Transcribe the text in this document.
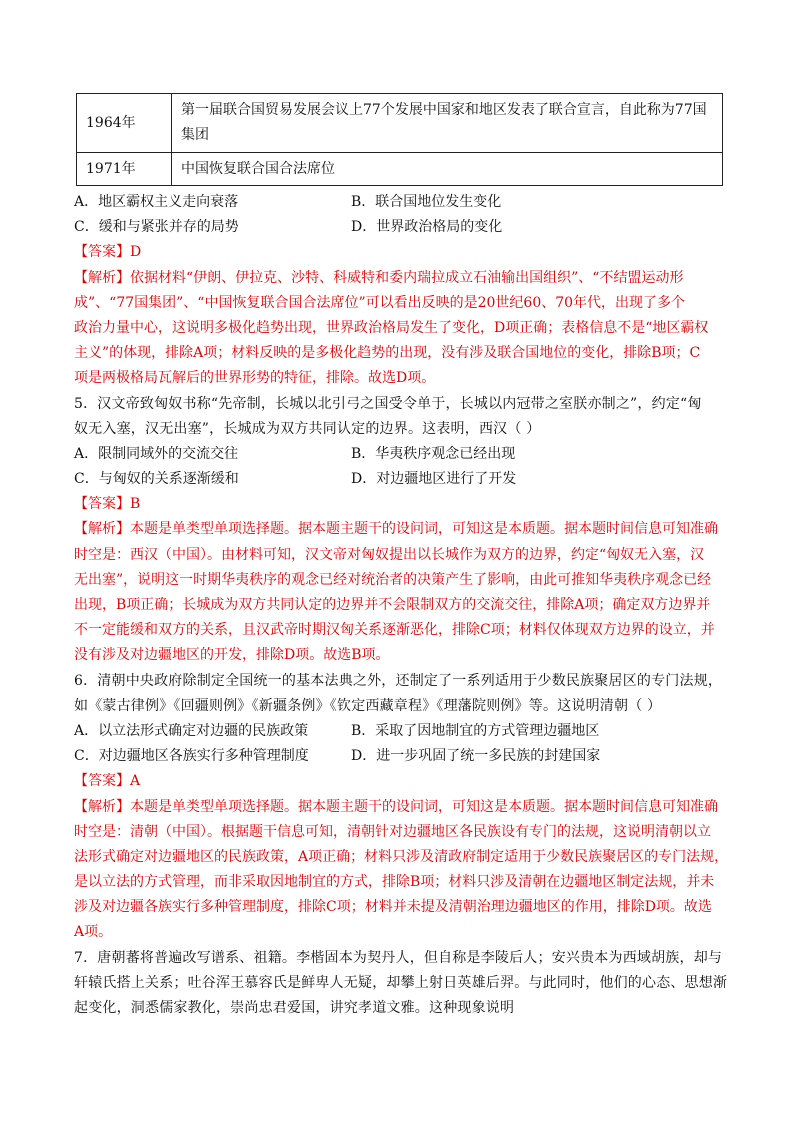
1964年	第一届联合国贸易发展会议上77个发展中国家和地区发表了联合宣言，自此称为77国
集团

1971年	中国恢复联合国合法席位
A．地区霸权主义走向衰落	B．联合国地位发生变化
C．缓和与紧张并存的局势	D．世界政治格局的变化
【答案】D
【解析】依据材料“伊朗、伊拉克、沙特、科威特和委内瑞拉成立石油输出国组织”、“不结盟运动形
成”、“77国集团”、“中国恢复联合国合法席位”可以看出反映的是20世纪60、70年代，出现了多个
政治力量中心，这说明多极化趋势出现，世界政治格局发生了变化，D项正确；表格信息不是“地区霸权
主义”的体现，排除A项；材料反映的是多极化趋势的出现，没有涉及联合国地位的变化，排除B项；C
项是两极格局瓦解后的世界形势的特征，排除。故选D项。
5．汉文帝致匈奴书称“先帝制，长城以北引弓之国受令单于，长城以内冠带之室朕亦制之”，约定“匈
奴无入塞，汉无出塞”，长城成为双方共同认定的边界。这表明，西汉（ ）
A．限制同域外的交流交往	B．华夷秩序观念已经出现
C．与匈奴的关系逐渐缓和	D．对边疆地区进行了开发
【答案】B
【解析】本题是单类型单项选择题。据本题主题干的设问词，可知这是本质题。据本题时间信息可知准确
时空是：西汉（中国）。由材料可知，汉文帝对匈奴提出以长城作为双方的边界，约定“匈奴无入塞，汉
无出塞”，说明这一时期华夷秩序的观念已经对统治者的决策产生了影响，由此可推知华夷秩序观念已经
出现，B项正确；长城成为双方共同认定的边界并不会限制双方的交流交往，排除A项；确定双方边界并
不一定能缓和双方的关系，且汉武帝时期汉匈关系逐渐恶化，排除C项；材料仅体现双方边界的设立，并
没有涉及对边疆地区的开发，排除D项。故选B项。
6．清朝中央政府除制定全国统一的基本法典之外，还制定了一系列适用于少数民族聚居区的专门法规，
如《蒙古律例》《回疆则例》《新疆条例》《钦定西藏章程》《理藩院则例》等。这说明清朝（ ）
A．以立法形式确定对边疆的民族政策	B．采取了因地制宜的方式管理边疆地区
C．对边疆地区各族实行多种管理制度	D．进一步巩固了统一多民族的封建国家
【答案】A
【解析】本题是单类型单项选择题。据本题主题干的设问词，可知这是本质题。据本题时间信息可知准确
时空是：清朝（中国）。根据题干信息可知，清朝针对边疆地区各民族设有专门的法规，这说明清朝以立
法形式确定对边疆地区的民族政策，A项正确；材料只涉及清政府制定适用于少数民族聚居区的专门法规，
是以立法的方式管理，而非采取因地制宜的方式，排除B项；材料只涉及清朝在边疆地区制定法规，并未
涉及对边疆各族实行多种管理制度，排除C项；材料并未提及清朝治理边疆地区的作用，排除D项。故选
A项。
7．唐朝蕃将普遍改写谱系、祖籍。李楷固本为契丹人，但自称是李陵后人；安兴贵本为西域胡族，却与
轩辕氏搭上关系；吐谷浑王慕容氏是鲜卑人无疑，却攀上射日英雄后羿。与此同时，他们的心态、思想渐
起变化，洞悉儒家教化，崇尚忠君爱国，讲究孝道文雅。这种现象说明
